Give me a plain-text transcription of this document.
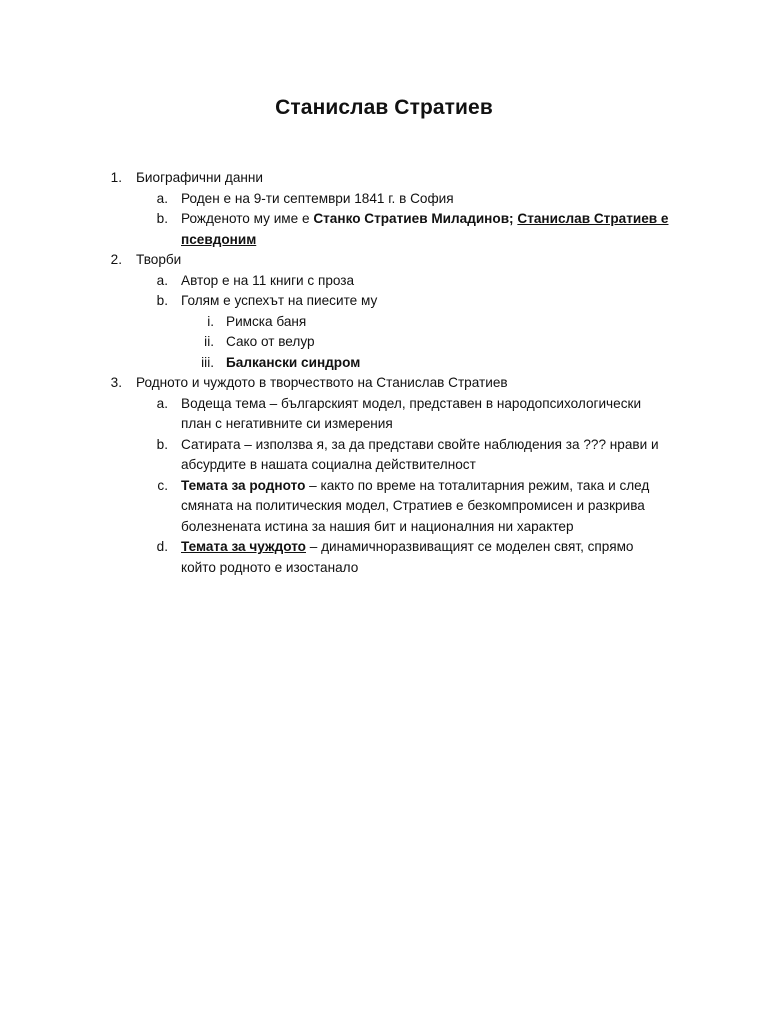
Станислав Стратиев
1. Биографични данни
a. Роден е на 9-ти септември 1841 г. в София
b. Рожденото му име е Станко Стратиев Миладинов; Станислав Стратиев е
псевдоним
2. Творби
a. Автор е на 11 книги с проза
b. Голям е успехът на пиесите му
i. Римска баня
ii. Сако от велур
iii. Балкански синдром
3. Родното и чуждото в творчеството на Станислав Стратиев
a. Водеща тема – българският модел, представен в народопсихологически
план с негативните си измерения
b. Сатирата – използва я, за да представи свойте наблюдения за ??? нрави и
абсурдите в нашата социална действителност
c. Темата за родното – както по време на тоталитарния режим, така и след
смяната на политическия модел, Стратиев е безкомпромисен и разкрива
болезнената истина за нашия бит и националния ни характер
d. Темата за чуждото – динамичноразвиващият се моделен свят, спрямо
който родното е изостанало
